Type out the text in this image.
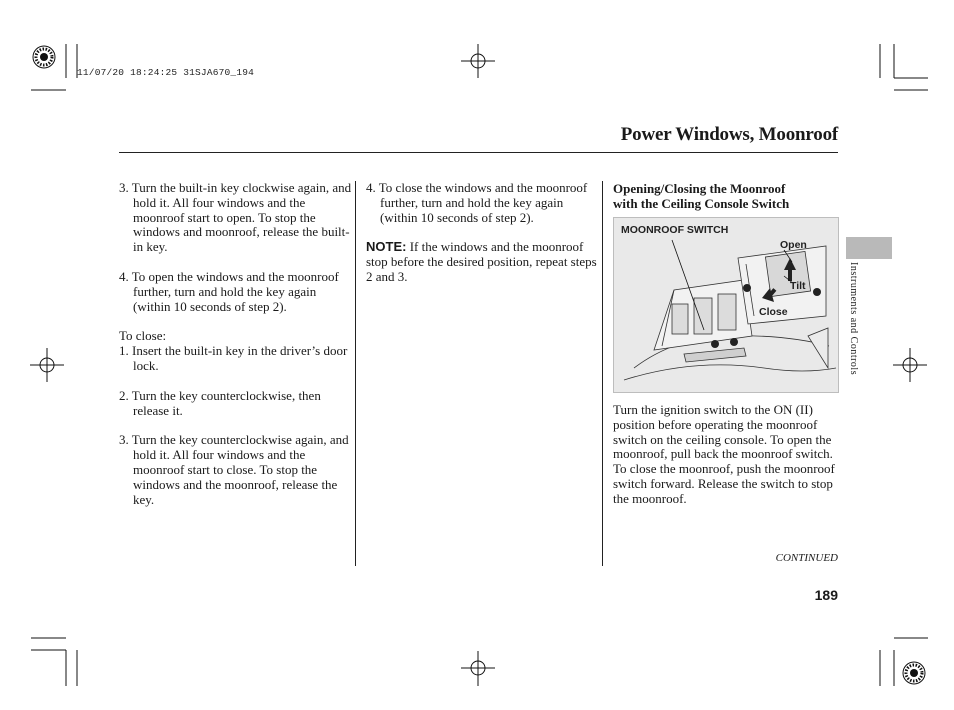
11/07/20 18:24:25 31SJA670_194
Power Windows, Moonroof

3. Turn the built-in key clockwise again, and hold it. All four windows and the moonroof start to open. To stop the windows and moonroof, release the built-in key.

4. To open the windows and the moonroof further, turn and hold the key again (within 10 seconds of step 2).

To close:

1. Insert the built-in key in the driver’s door lock.

2. Turn the key counterclockwise, then release it.

3. Turn the key counterclockwise again, and hold it. All four windows and the moonroof start to close. To stop the windows and the moonroof, release the key.

4. To close the windows and the moonroof further, turn and hold the key again (within 10 seconds of step 2).

NOTE: If the windows and the moonroof stop before the desired position, repeat steps 2 and 3.

Opening/Closing the Moonroof
with the Ceiling Console Switch
MOONROOF SWITCH
Open
Tilt
Close

Turn the ignition switch to the ON (II) position before operating the moonroof switch on the ceiling console. To open the moonroof, pull back the moonroof switch. To close the moonroof, push the moonroof switch forward. Release the switch to stop the moonroof.

Instruments and Controls
CONTINUED
189
